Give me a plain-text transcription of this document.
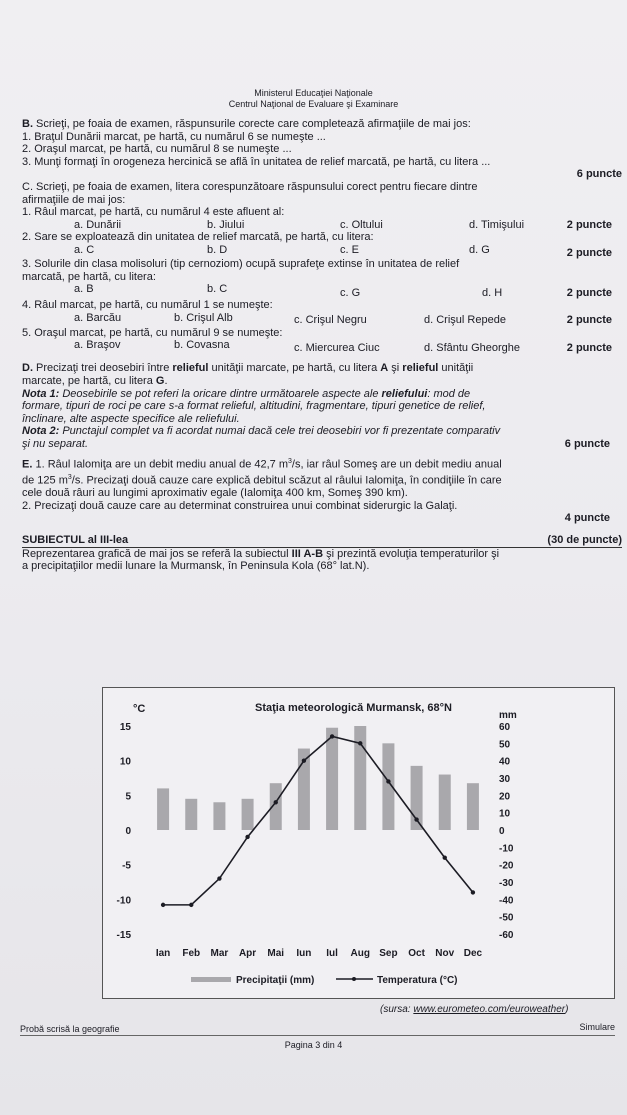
Ministerul Educaţiei Naţionale
Centrul Naţional de Evaluare şi Examinare
B. Scrieţi, pe foaia de examen, răspunsurile corecte care completează afirmaţiile de mai jos:
1. Braţul Dunării marcat, pe hartă, cu numărul 6 se numeşte ...
2. Oraşul marcat, pe hartă, cu numărul 8 se numeşte ...
3. Munţi formaţi în orogeneza hercinică se află în unitatea de relief marcată, pe hartă, cu litera ...
6 puncte
C. Scrieţi, pe foaia de examen, litera corespunzătoare răspunsului corect pentru fiecare dintre
afirmaţiile de mai jos:
1. Râul marcat, pe hartă, cu numărul 4 este afluent al:
a. Dunării	b. Jiului	c. Oltului	d. Timişului	2 puncte
2. Sare se exploatează din unitatea de relief marcată, pe hartă, cu litera:
a. C	b. D	c. E	d. G	2 puncte
3. Solurile din clasa molisoluri (tip cernoziom) ocupă suprafeţe extinse în unitatea de relief
marcată, pe hartă, cu litera:
a. B	b. C	c. G	d. H	2 puncte
4. Râul marcat, pe hartă, cu numărul 1 se numeşte:
a. Barcău	b. Crişul Alb	c. Crişul Negru	d. Crişul Repede	2 puncte
5. Oraşul marcat, pe hartă, cu numărul 9 se numeşte:
a. Braşov	b. Covasna	c. Miercurea Ciuc	d. Sfântu Gheorghe	2 puncte
D. Precizaţi trei deosebiri între relieful unităţii marcate, pe hartă, cu litera A şi relieful unităţii
marcate, pe hartă, cu litera G.
Nota 1: Deosebirile se pot referi la oricare dintre următoarele aspecte ale reliefului: mod de
formare, tipuri de roci pe care s-a format relieful, altitudini, fragmentare, tipuri genetice de relief,
înclinare, alte aspecte specifice ale reliefului.
Nota 2: Punctajul complet va fi acordat numai dacă cele trei deosebiri vor fi prezentate comparativ
şi nu separat.	6 puncte
E. 1. Râul Ialomiţa are un debit mediu anual de 42,7 $m^3/s$, iar râul Someş are un debit mediu anual
de 125 $m^3/s$. Precizaţi două cauze care explică debitul scăzut al râului Ialomiţa, în condiţiile în care
cele două râuri au lungimi aproximativ egale (Ialomiţa 400 km, Someş 390 km).
2. Precizaţi două cauze care au determinat construirea unui combinat siderurgic la Galaţi.
4 puncte
SUBIECTUL al III-lea	(30 de puncte)
Reprezentarea grafică de mai jos se referă la subiectul III A-B şi prezintă evoluţia temperaturilor şi
a precipitaţiilor medii lunare la Murmansk, în Peninsula Kola (68° lat.N).
Staţia meteorologică Murmansk, 68°N
°C
mm
15
10
5
0
-5
-10
-15
60
50
40
30
20
10
0
-10
-20
-30
-40
-50
-60
Ian Feb Mar Apr Mai Iun Iul Aug Sep Oct Nov Dec
Precipitaţii (mm)	Temperatura (°C)
(sursa: www.eurometeo.com/euroweather)
Probă scrisă la geografie	Simulare
Pagina 3 din 4
